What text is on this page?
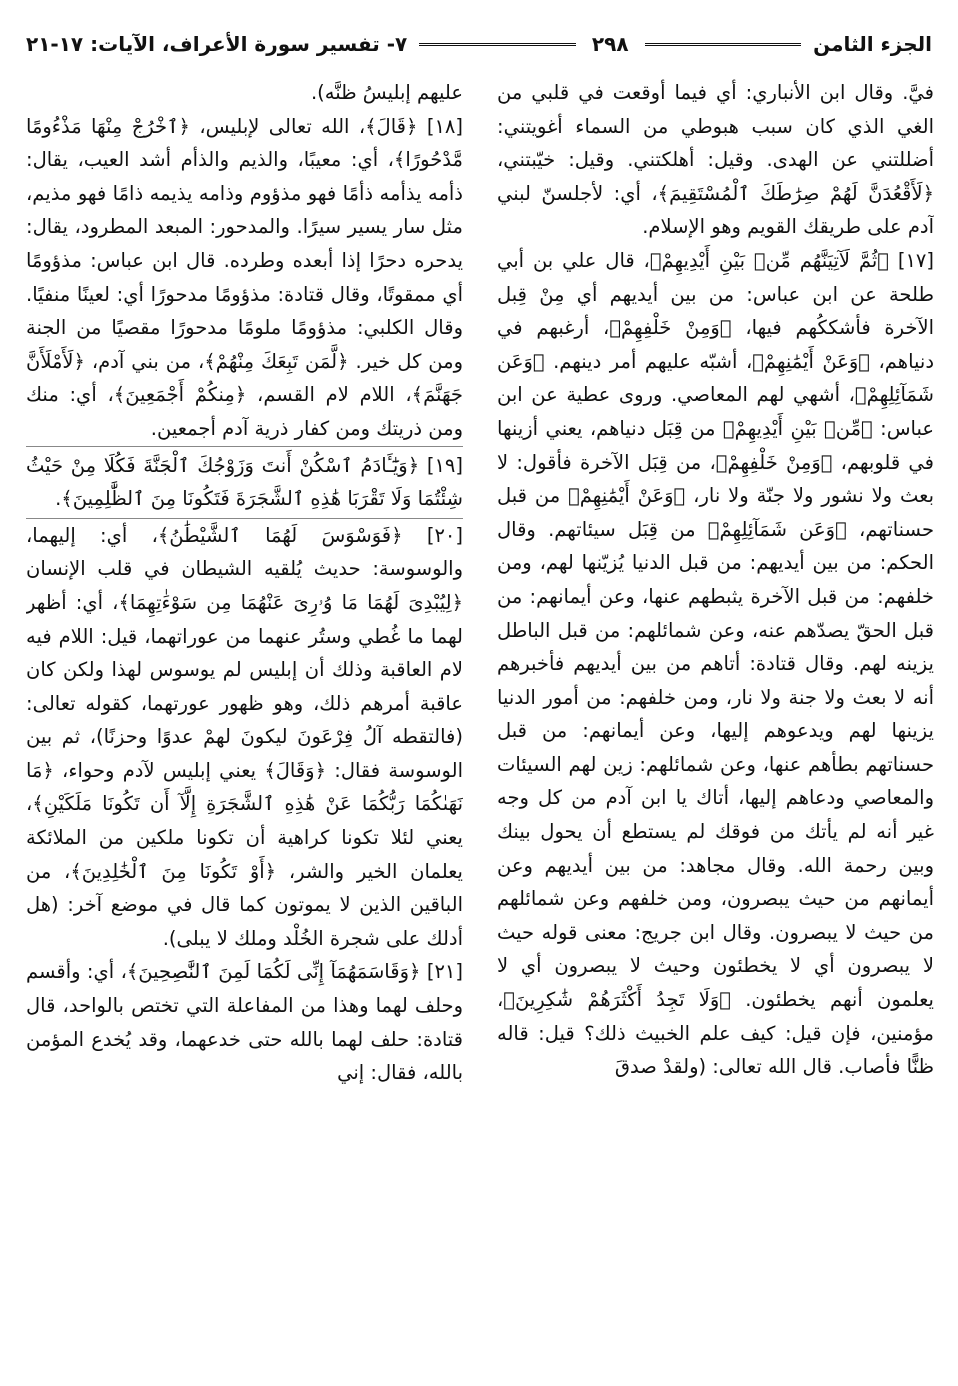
الجزء الثامن
٢٩٨
٧- تفسير سورة الأعراف، الآيات: ١٧-٢١

فيَّ. وقال ابن الأنباري: أي فيما أوقعت في قلبي من الغي الذي كان سبب هبوطي من السماء أغويتني: أضللتني عن الهدى. وقيل: أهلكتني. وقيل: خيّبتني، ﴿لَأَقْعُدَنَّ لَهُمْ صِرَٰطَكَ ٱلْمُسْتَقِيمَ﴾، أي: لأجلسنّ لبني آدم على طريقك القويم وهو الإسلام.

[١٧] ﴿ثُمَّ لَآتِيَنَّهُم مِّنۢ بَيْنِ أَيْدِيهِمْ﴾، قال علي بن أبي طلحة عن ابن عباس: من بين أيديهم أي مِنْ قِبل الآخرة فأشككُهم فيها، ﴿وَمِنْ خَلْفِهِمْ﴾، أرغبهم في دنياهم، ﴿وَعَنْ أَيْمَٰنِهِمْ﴾، أشبّه عليهم أمر دينهم. ﴿وَعَن شَمَآئِلِهِمْ﴾، أشهي لهم المعاصي. وروى عطية عن ابن عباس: ﴿مِّنۢ بَيْنِ أَيْدِيهِمْ﴾ من قِبَل دنياهم، يعني أزينها في قلوبهم، ﴿وَمِنْ خَلْفِهِمْ﴾، من قِبَل الآخرة فأقول: لا بعث ولا نشور ولا جنّة ولا نار، ﴿وَعَنْ أَيْمَٰنِهِمْ﴾ من قبل حسناتهم، ﴿وَعَن شَمَآئِلِهِمْ﴾ من قِبَل سيئاتهم. وقال الحكم: من بين أيديهم: من قبل الدنيا يُزيّنها لهم، ومن خلفهم: من قبل الآخرة يثبطهم عنها، وعن أيمانهم: من قبل الحقّ يصدّهم عنه، وعن شمائلهم: من قبل الباطل يزينه لهم. وقال قتادة: أتاهم من بين أيديهم فأخبرهم أنه لا بعث ولا جنة ولا نار، ومن خلفهم: من أمور الدنيا يزينها لهم ويدعوهم إليها، وعن أيمانهم: من قبل حسناتهم بطأهم عنها، وعن شمائلهم: زين لهم السيئات والمعاصي ودعاهم إليها، أتاك يا ابن آدم من كل وجه غير أنه لم يأتك من فوقك لم يستطع أن يحول بينك وبين رحمة الله. وقال مجاهد: من بين أيديهم وعن أيمانهم من حيث يبصرون، ومن خلفهم وعن شمائلهم من حيث لا يبصرون. وقال ابن جريج: معنى قوله حيث لا يبصرون أي لا يخطئون وحيث لا يبصرون أي لا يعلمون أنهم يخطئون. ﴿وَلَا تَجِدُ أَكْثَرَهُمْ شَٰكِرِينَ﴾، مؤمنين، فإن قيل: كيف علم الخبيث ذلك؟ قيل: قاله ظنًّا فأصاب. قال الله تعالى: (ولقدْ صدقَ

عليهم إبليسُ ظنَّه).

[١٨] ﴿قَالَ﴾، الله تعالى لإبليس، ﴿ٱخْرُجْ مِنْهَا مَذْءُومًا مَّدْحُورًا﴾، أي: معيبًا، والذيم والذأم أشد العيب، يقال: ذأمه يذأمه ذأمًا فهو مذؤوم وذامه يذيمه ذامًا فهو مذيم، مثل سار يسير سيرًا. والمدحور: المبعد المطرود، يقال: يدحره دحرًا إذا أبعده وطرده. قال ابن عباس: مذؤومًا أي ممقوتًا، وقال قتادة: مذؤومًا مدحورًا أي: لعينًا منفيًا. وقال الكلبي: مذؤومًا ملومًا مدحورًا مقصيًا من الجنة ومن كل خير. ﴿لَّمَن تَبِعَكَ مِنْهُمْ﴾، من بني آدم، ﴿لَأَمْلَأَنَّ جَهَنَّمَ﴾، اللام لام القسم، ﴿مِنكُمْ أَجْمَعِينَ﴾، أي: منك ومن ذريتك ومن كفار ذرية آدم أجمعين.

[١٩] ﴿وَيَٰٓـَٔادَمُ ٱسْكُنْ أَنتَ وَزَوْجُكَ ٱلْجَنَّةَ فَكُلَا مِنْ حَيْثُ شِئْتُمَا وَلَا تَقْرَبَا هَٰذِهِ ٱلشَّجَرَةَ فَتَكُونَا مِنَ ٱلظَّٰلِمِينَ﴾.

[٢٠] ﴿فَوَسْوَسَ لَهُمَا ٱلشَّيْطَٰنُ﴾، أي: إليهما، والوسوسة: حديث يُلقيه الشيطان في قلب الإنسان ﴿لِيُبْدِىَ لَهُمَا مَا وُۥرِىَ عَنْهُمَا مِن سَوْءَٰتِهِمَا﴾، أي: أظهر لهما ما غُطي وستُر عنهما من عوراتهما، قيل: اللام فيه لام العاقبة وذلك أن إبليس لم يوسوس لهذا ولكن كان عاقبة أمرهم ذلك، وهو ظهور عورتهما، كقوله تعالى: (فالتقطه آلُ فِرْعَونَ ليكونَ لهمْ عدوًا وحزنًا)، ثم بين الوسوسة فقال: ﴿وَقَالَ﴾ يعني إبليس لآدم وحواء، ﴿مَا نَهَىٰكُمَا رَبُّكُمَا عَنْ هَٰذِهِ ٱلشَّجَرَةِ إِلَّآ أَن تَكُونَا مَلَكَيْنِ﴾، يعني لئلا تكونا كراهية أن تكونا ملكين من الملائكة يعلمان الخير والشر، ﴿أَوْ تَكُونَا مِنَ ٱلْخَٰلِدِينَ﴾، من الباقين الذين لا يموتون كما قال في موضع آخر: (هل أدلك على شجرة الخُلْد وملك لا يبلى).

[٢١] ﴿وَقَاسَمَهُمَآ إِنِّى لَكُمَا لَمِنَ ٱلنَّٰصِحِينَ﴾، أي: وأقسم وحلف لهما وهذا من المفاعلة التي تختص بالواحد، قال قتادة: حلف لهما بالله حتى خدعهما، وقد يُخدع المؤمن بالله، فقال: إني
